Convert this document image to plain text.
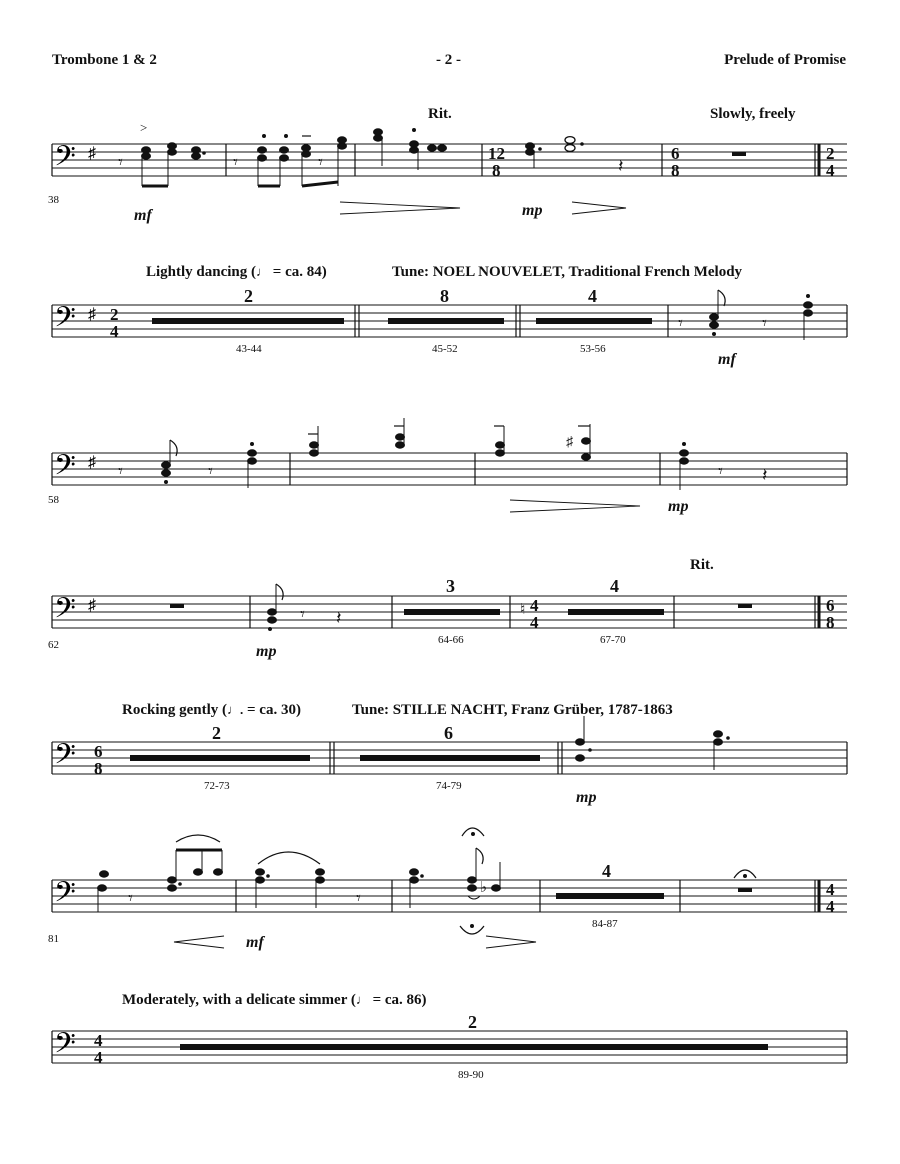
Trombone 1 & 2	- 2 -	Prelude of Promise
𝄢 ♯ 𝄾
>
𝄾	𝄾	12
8	𝄽
6
8
2
4
Rit.	Slowly, freely
mf	mp
38
𝄢 ♯ 2
4
Lightly dancing (♩ = ca. 84)	Tune: NOEL NOUVELET, Traditional French Melody
2
43-44
8
45-52
4
53-56
𝄾	𝄾
mf
𝄢 ♯ 𝄾	𝄾
♯
𝄾 𝄽
mp
58
𝄢 ♯	𝄾 𝄽
mp
3
64-66
♮ 4
4
4
67-70
Rit.
6
8
62
𝄢 6
8
Rocking gently (♩. = ca. 30)	Tune: STILLE NACHT, Franz Grüber, 1787-1863
2
72-73
6
74-79
mp
𝄢	𝄾	𝄾	♭
4
84-87
4
4
mf
81
𝄢 4
4
Moderately, with a delicate simmer (♩ = ca. 86)
2
89-90
